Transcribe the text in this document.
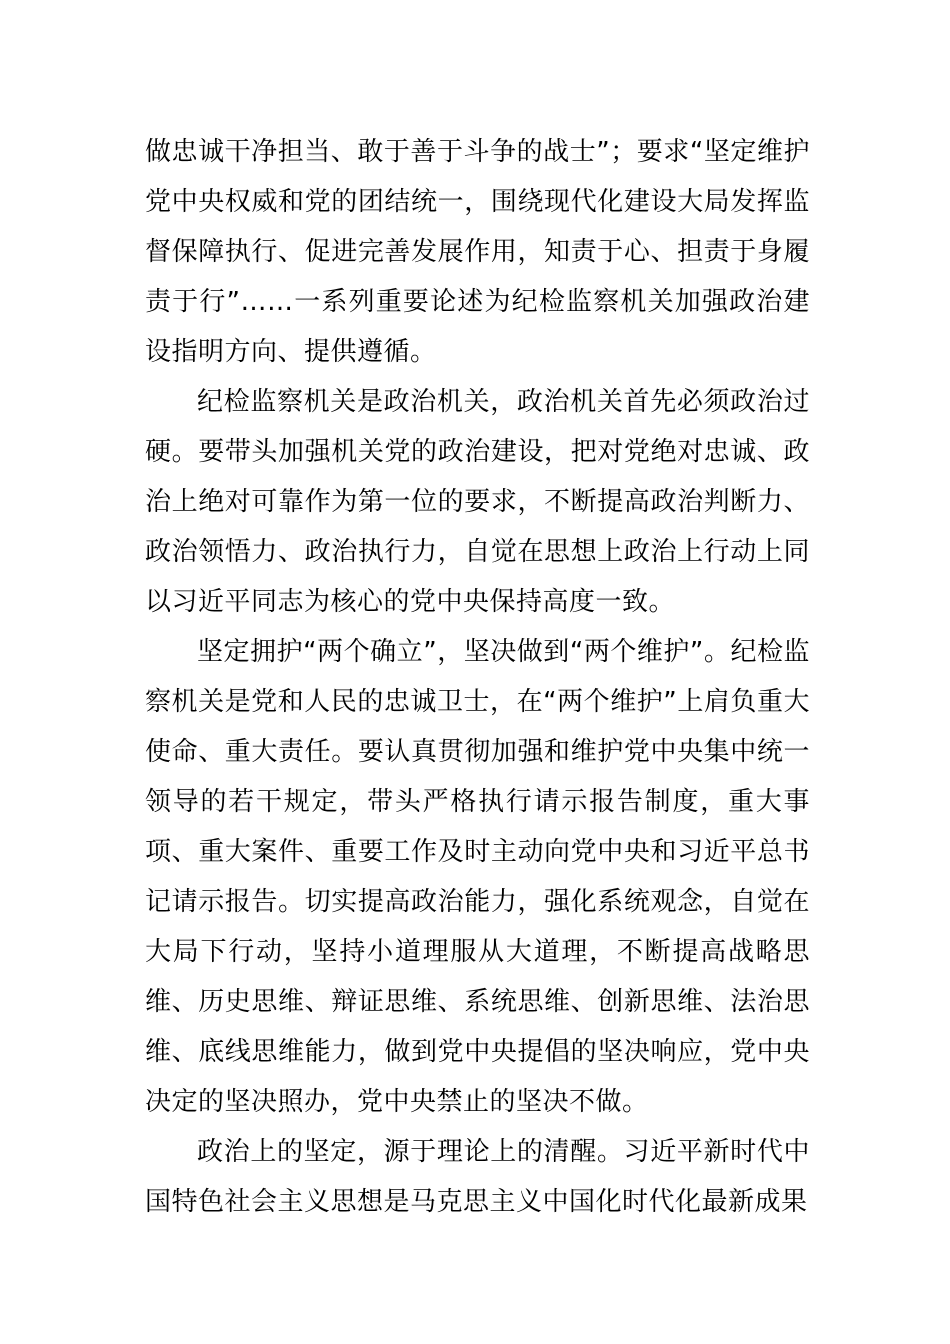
做忠诚干净担当、敢于善于斗争的战士”；要求“坚定维护党中央权威和党的团结统一，围绕现代化建设大局发挥监督保障执行、促进完善发展作用，知责于心、担责于身履责于行”……一系列重要论述为纪检监察机关加强政治建设指明方向、提供遵循。

纪检监察机关是政治机关，政治机关首先必须政治过硬。要带头加强机关党的政治建设，把对党绝对忠诚、政治上绝对可靠作为第一位的要求，不断提高政治判断力、政治领悟力、政治执行力，自觉在思想上政治上行动上同以习近平同志为核心的党中央保持高度一致。

坚定拥护“两个确立”，坚决做到“两个维护”。纪检监察机关是党和人民的忠诚卫士，在“两个维护”上肩负重大使命、重大责任。要认真贯彻加强和维护党中央集中统一领导的若干规定，带头严格执行请示报告制度，重大事项、重大案件、重要工作及时主动向党中央和习近平总书记请示报告。切实提高政治能力，强化系统观念，自觉在大局下行动，坚持小道理服从大道理，不断提高战略思维、历史思维、辩证思维、系统思维、创新思维、法治思维、底线思维能力，做到党中央提倡的坚决响应，党中央决定的坚决照办，党中央禁止的坚决不做。

政治上的坚定，源于理论上的清醒。习近平新时代中国特色社会主义思想是马克思主义中国化时代化最新成果
